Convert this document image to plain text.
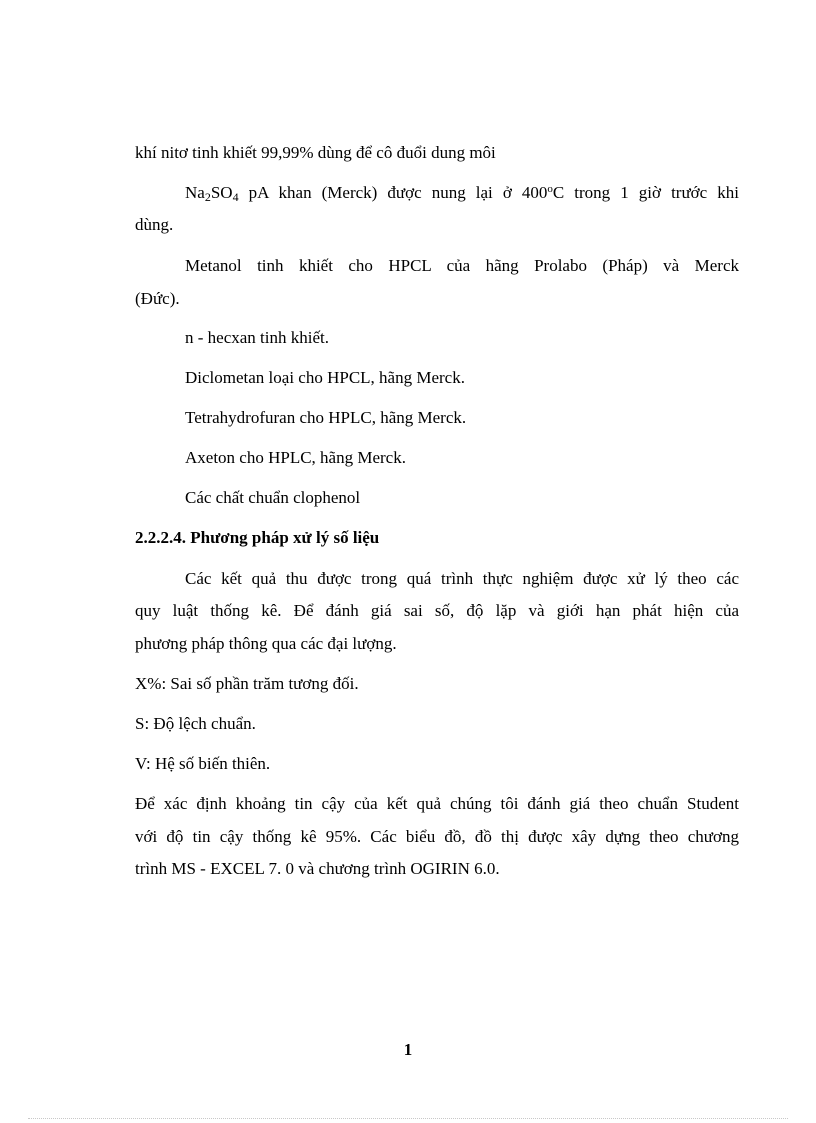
khí nitơ tinh khiết 99,99% dùng để cô đuổi dung môi
$Na_2SO_4$ pA khan (Merck) được nung lại ở 400$^o$C trong 1 giờ trước khi
dùng.
Metanol tinh khiết cho HPCL của hãng Prolabo (Pháp) và Merck
(Đức).
n - hecxan tinh khiết.
Diclometan loại cho HPCL, hãng Merck.
Tetrahydrofuran cho HPLC, hãng Merck.
Axeton cho HPLC, hãng Merck.
Các chất chuẩn clophenol
2.2.2.4. Phương pháp xử lý số liệu
Các kết quả thu được trong quá trình thực nghiệm được xử lý theo các
quy luật thống kê. Để đánh giá sai số, độ lặp và giới hạn phát hiện của
phương pháp thông qua các đại lượng.
X%: Sai số phần trăm tương đối.
S: Độ lệch chuẩn.
V: Hệ số biến thiên.
Để xác định khoảng tin cậy của kết quả chúng tôi đánh giá theo chuẩn Student
với độ tin cậy thống kê 95%. Các biểu đồ, đồ thị được xây dựng theo chương
trình MS - EXCEL 7. 0 và chương trình OGIRIN 6.0.
1
